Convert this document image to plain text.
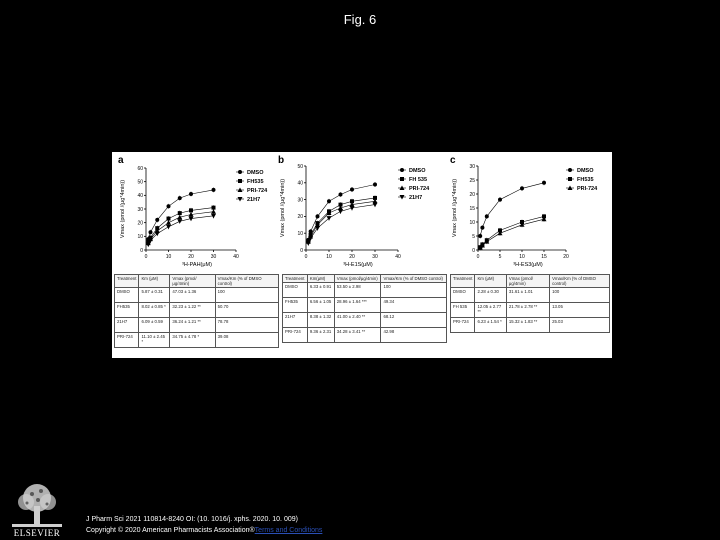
Fig. 6
a
0	10	20	30	40
0
10
20
30
40
50
60
³H-PAH(μM)
Vmax (pmol /(μg*4min))
DMSO
FH535
PRI-724
21H7
b
0	10	20	30	40
0
10
20
30
40
50
³H-E1S(μM)
Vmax (pmol /(μg*4min))
DMSO
FH 535
PRI-724
21H7
c
0	5	10	15	20
0
5
10
15
20
25
30
³H-ES3(μM)
Vmax (pmol /(μg*4min))
DMSO
FH535
PRI-724
Treatment	Km (μM)	Vmax (pmol/μg/4min)	Vmax/Km (% of DMSO control)
DMSO	5.87 ± 0.31	47.03 ± 1.36	100
FH535	8.02 ± 0.85 *	32.23 ± 1.22 **	50.70
21H7	6.09 ± 0.59	36.24 ± 1.21 **	78.78
PRI-724	11.10 ± 2.45 *	34.75 ± 4.78 *	39.08
Treatment	Km(μM)	Vmax (pmol/μg/4min)	Vmax/Km (% of DMSO control)
DMSO	6.33 ± 0.91	53.50 ± 2.98	100
FH535	6.56 ± 1.05	28.96 ± 1.64 ***	49.34
21H7	8.38 ± 1.32	41.00 ± 2.40 **	68.12
PRI-724	9.36 ± 2.31	34.28 ± 3.41 **	42.98
Treatment	Km (μM)	Vmax (pmol/μg/4min)	Vmax/Km (% of DMSO control)
DMSO	2.28 ± 0.30	31.61 ± 1.01	100
FH 535	12.05 ± 2.77 **	21.78 ± 2.78 **	13.05
PRI-724	6.23 ± 1.54 *	15.32 ± 1.83 **	25.03
ELSEVIER
J Pharm Sci 2021 110814-8240 OI: (10. 1016/j. xphs. 2020. 10. 009)
Copyright © 2020 American Pharmacists Association®Terms and Conditions
